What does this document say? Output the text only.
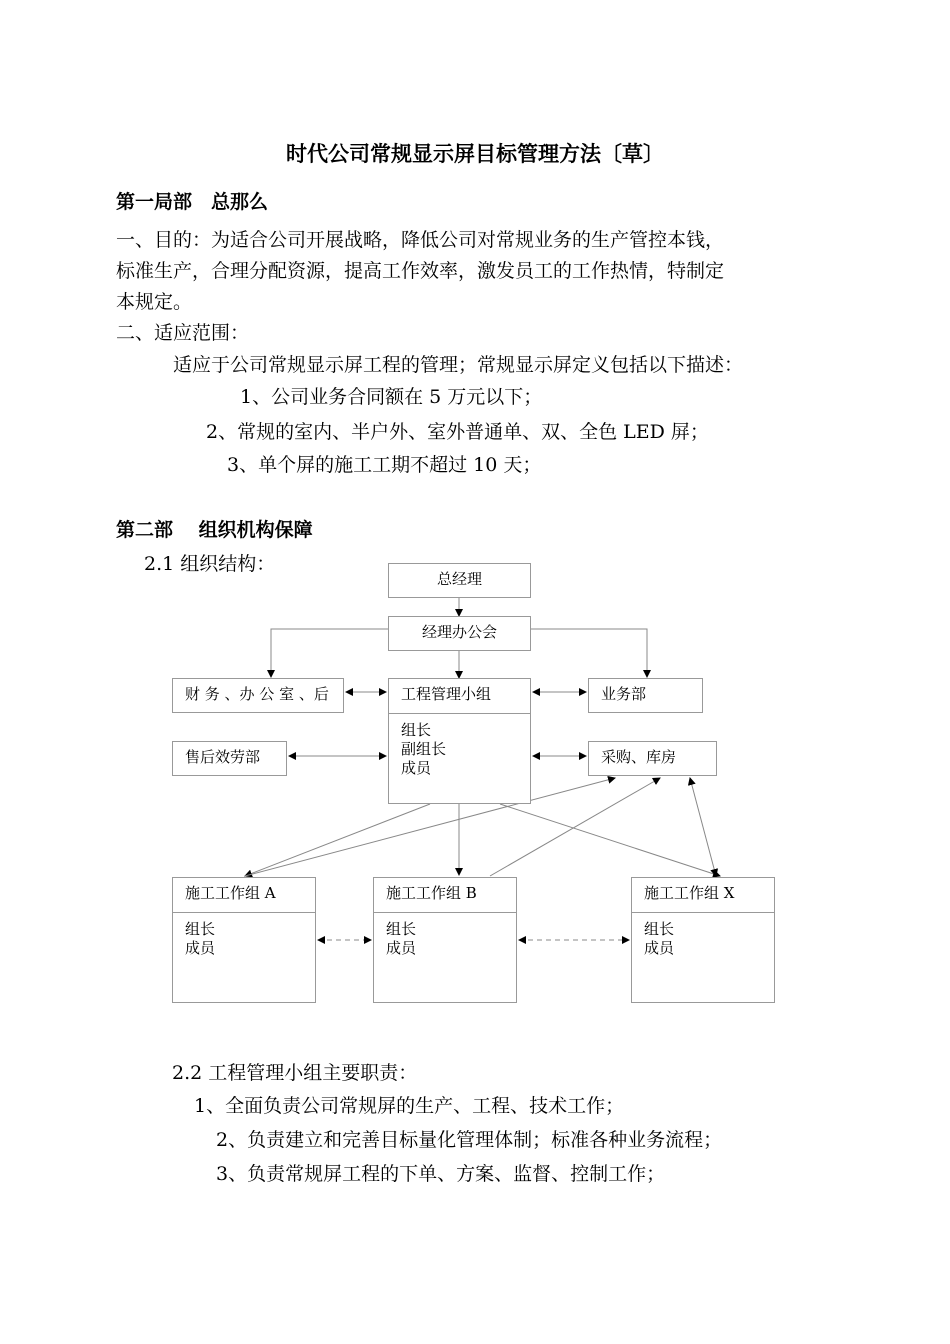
时代公司常规显示屏目标管理方法〔草〕
第一局部　总那么
一、目的：为适合公司开展战略，降低公司对常规业务的生产管控本钱，
标准生产，合理分配资源，提高工作效率，激发员工的工作热情，特制定
本规定。
二、适应范围：
适应于公司常规显示屏工程的管理；常规显示屏定义包括以下描述：
1、公司业务合同额在 5 万元以下；
2、常规的室内、半户外、室外普通单、双、全色 LED 屏；
3、单个屏的施工工期不超过 10 天；
第二部　 组织机构保障
2.1 组织结构：
总经理
经理办公会
财 务 、办 公 室 、后	工程管理小组
组长
副组长
成员
业务部
售后效劳部	采购、库房
施工工作组 A
组长
成员
施工工作组 B
组长
成员
施工工作组 X
组长
成员
2.2 工程管理小组主要职责：
1、全面负责公司常规屏的生产、工程、技术工作；
2、负责建立和完善目标量化管理体制；标准各种业务流程；
3、负责常规屏工程的下单、方案、监督、控制工作；
